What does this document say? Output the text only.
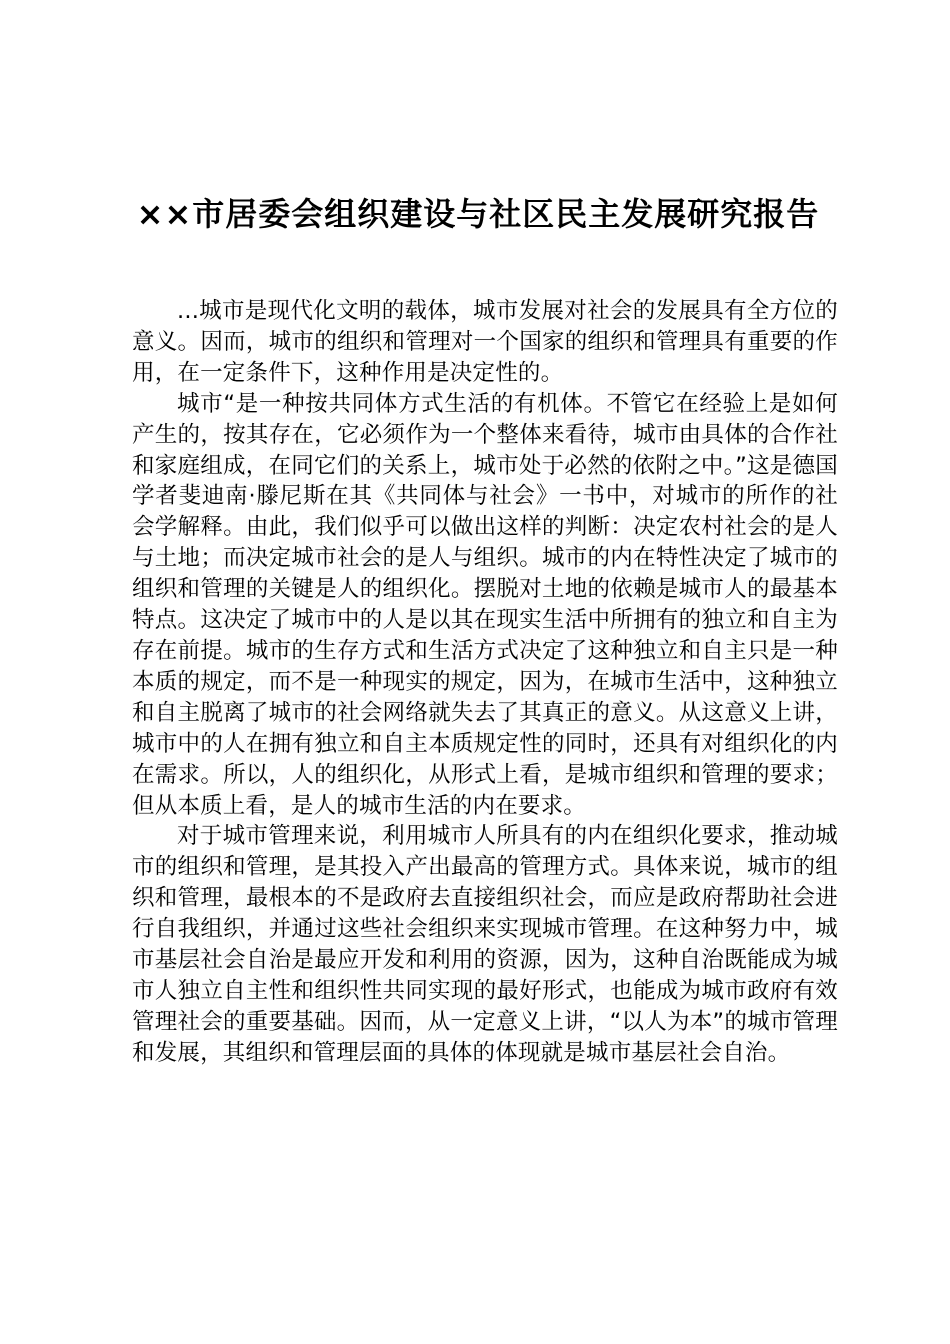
××市居委会组织建设与社区民主发展研究报告

...城市是现代化文明的载体，城市发展对社会的发展具有全方位的意义。因而，城市的组织和管理对一个国家的组织和管理具有重要的作用，在一定条件下，这种作用是决定性的。

城市“是一种按共同体方式生活的有机体。不管它在经验上是如何产生的，按其存在，它必须作为一个整体来看待，城市由具体的合作社和家庭组成，在同它们的关系上，城市处于必然的依附之中。”这是德国学者斐迪南·滕尼斯在其《共同体与社会》一书中，对城市的所作的社会学解释。由此，我们似乎可以做出这样的判断：决定农村社会的是人与土地；而决定城市社会的是人与组织。城市的内在特性决定了城市的组织和管理的关键是人的组织化。摆脱对土地的依赖是城市人的最基本特点。这决定了城市中的人是以其在现实生活中所拥有的独立和自主为存在前提。城市的生存方式和生活方式决定了这种独立和自主只是一种本质的规定，而不是一种现实的规定，因为，在城市生活中，这种独立和自主脱离了城市的社会网络就失去了其真正的意义。从这意义上讲，城市中的人在拥有独立和自主本质规定性的同时，还具有对组织化的内在需求。所以，人的组织化，从形式上看，是城市组织和管理的要求；但从本质上看，是人的城市生活的内在要求。

对于城市管理来说，利用城市人所具有的内在组织化要求，推动城市的组织和管理，是其投入产出最高的管理方式。具体来说，城市的组织和管理，最根本的不是政府去直接组织社会，而应是政府帮助社会进行自我组织，并通过这些社会组织来实现城市管理。在这种努力中，城市基层社会自治是最应开发和利用的资源，因为，这种自治既能成为城市人独立自主性和组织性共同实现的最好形式，也能成为城市政府有效管理社会的重要基础。因而，从一定意义上讲，“以人为本”的城市管理和发展，其组织和管理层面的具体的体现就是城市基层社会自治。
